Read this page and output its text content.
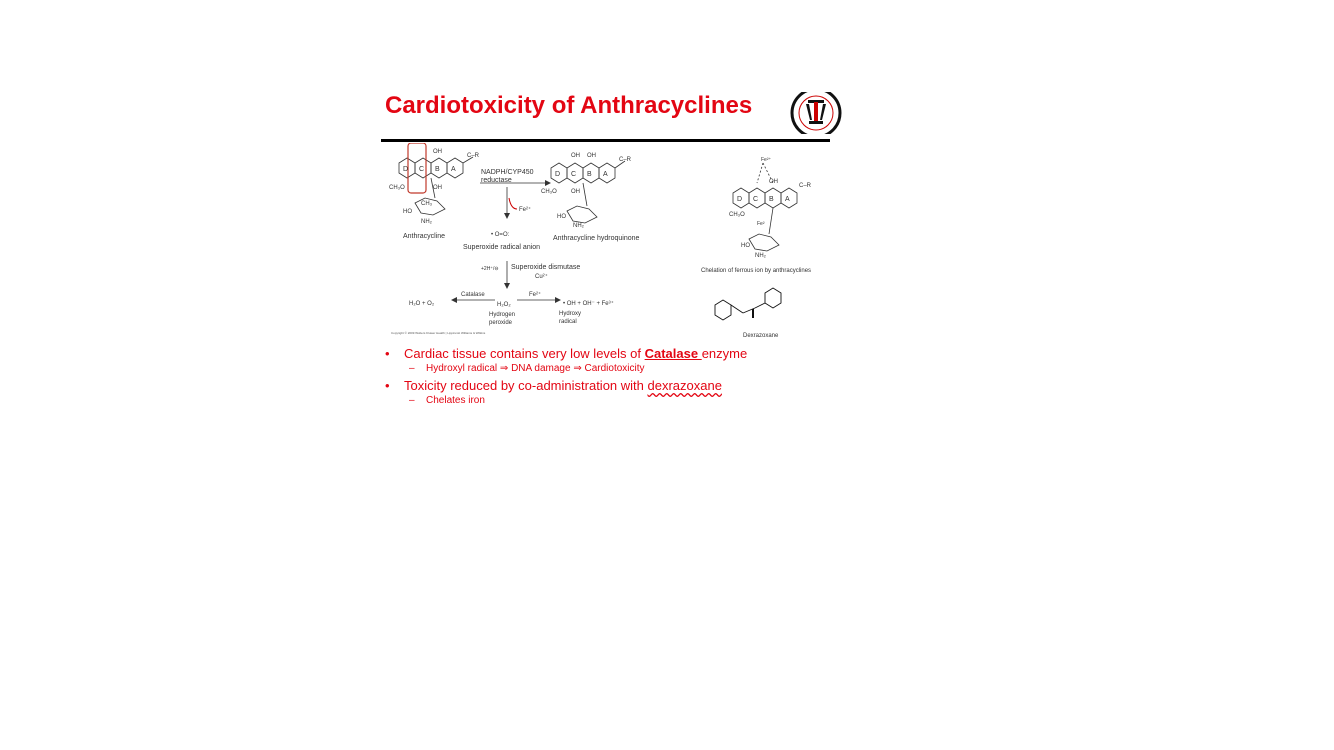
Cardiotoxicity of Anthracyclines
D C B A
OH
OH
CH₃O
C–R
HO
NH₂
CH₃
Anthracycline
NADPH/CYP450
reductase
Fe²⁺
• O=O:
Superoxide radical anion
D C B A
OH OH
OH
CH₃O
C–R
HO
NH₂
Anthracycline hydroquinone
+2H⁺/⊖ Superoxide dismutase
Cu²⁺
H₂O + O₂
Catalase
H₂O₂
Hydrogen
peroxide
Fe²⁺
• OH + OH⁻ + Fe³⁺
Hydroxy
radical
Copyright © 2009 Wolters Kluwer Health | Lippincott Williams & Wilkins
Fe²⁺
D C B A
OH
C–R
CH₃O
Fe²
HO
NH₂
Chelation of ferrous ion by anthracyclines
Dexrazoxane
• Cardiac tissue contains very low levels of Catalase enzyme
– Hydroxyl radical ⇒ DNA damage ⇒ Cardiotoxicity
• Toxicity reduced by co-administration with dexrazoxane
– Chelates iron
